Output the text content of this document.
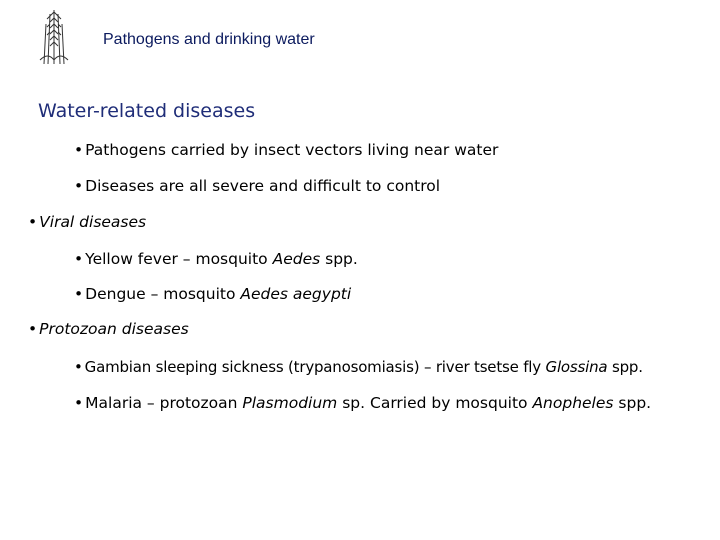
Pathogens and drinking water
Water-related diseases
• Pathogens carried by insect vectors living near water
• Diseases are all severe and difficult to control
• Viral diseases
• Yellow fever – mosquito Aedes spp.
• Dengue – mosquito Aedes aegypti
• Protozoan diseases
• Gambian sleeping sickness (trypanosomiasis) – river tsetse fly Glossina spp.
• Malaria – protozoan Plasmodium sp. Carried by mosquito Anopheles spp.
